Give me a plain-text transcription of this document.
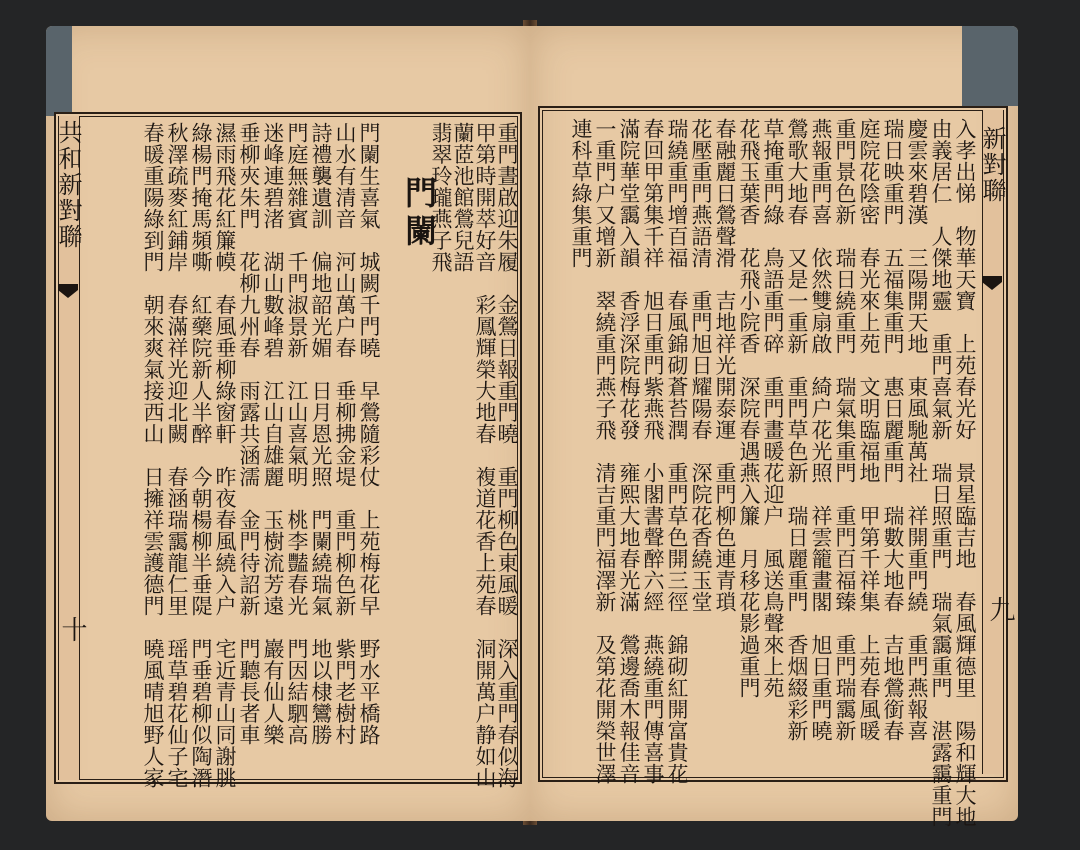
共和新對聯
十	重門晝啟迎朱履　金鶯日報重門曉　重門柳色東風暖　深入重門春似海
甲第時開萃好音　彩鳳輝榮大地春　複道花香上苑春　洞開萬户静如山
蘭茝池館鶯兒語
翡翠玲瓏燕子飛
門闌
門闌生喜氣　城闕千門曉　早鶯隨彩仗　上苑梅花早　野水平橋路
山水有清音　河山萬户春　垂柳拂金堤　重門柳色新　紫門老樹村
詩禮襲遺訓　偏地韶光媚　日月恩光照　門闌繞瑞氣　地以棣鸞勝
門庭無雜賓　千門淑景新　江山喜氣明　桃李豔春光　門因結駟高
迷峰連碧渚　湖山數峰碧　江山自雄麗　玉樹流芳遠　巖有仙人樂
垂柳夾朱門　花柳九州春　雨露共涵濡　金門待詔新　門聽長者車
濕雨飛花紅簾幙　春風垂柳綠窗軒　昨夜春風繞入户　宅近青山同謝朓
綠楊門掩馬頻嘶　紅藥院新人半醉　今朝楊柳半垂隄　門垂碧柳似陶潛
秋澤疏麥紅鋪岸　春滿祥光迎北闕　春涵瑞靄龍仁里　瑶草碧花仙子宅
春暖重陽綠到門　朝來爽氣接西山　日擁祥雲護德門　曉風晴旭野人家	新對聯
九
入孝出悌　物華天寶　上苑春光好　景星臨吉地　春風輝德里　陽和輝大地
由義居仁　人傑地靈　重門喜氣新　瑞日照重門　瑞氣靄重門　湛露靄重門
慶雲來碧漢　三陽開天地　東風馳萬社　祥開重門繞　重門燕報喜
瑞日映重門　五福集重門　惠日麗重門　瑞數大地春　吉地鶯銜春
庭院花陰密　春光來上苑　文明臨福地　甲第千祥集　上苑春風暖
重門景色新　瑞日繞重門　瑞氣集重門　重門百福臻　重門瑞靄新
燕報重門喜　依然雙扇啟　綺户花光照　祥雲籠畫閣　旭日重門曉
鶯歌大地春　又是一重新　重門草色新　瑞日麗重門　香烟綴彩新
草掩重門綠　鳥語重門碎　重門畫暖花迎户　風送鳥聲來上苑
花飛玉葉香　花飛小院香　深院春遇燕入簾　月移花影過重門
春融麗日鶯聲滑　吉地祥光開泰運　重門柳色連青瑣
花壓重門燕語清　重門旭日耀陽春　深院花香繞玉堂
瑞繞重門增百福　春風錦砌蒼苔潤　重門草色開三徑　錦砌紅開富貴花
春回甲第集千祥　旭日重門紫燕飛　小閣書聲醉六經　燕繞重門傳喜事
滿院華堂靄入韻　香浮深院梅花發　雍熙大地春光滿　鶯邊喬木報佳音
一重門户又增新　翠繞重門燕子飛　清吉重門福澤新　及第花開榮世澤
連科草綠集重門
